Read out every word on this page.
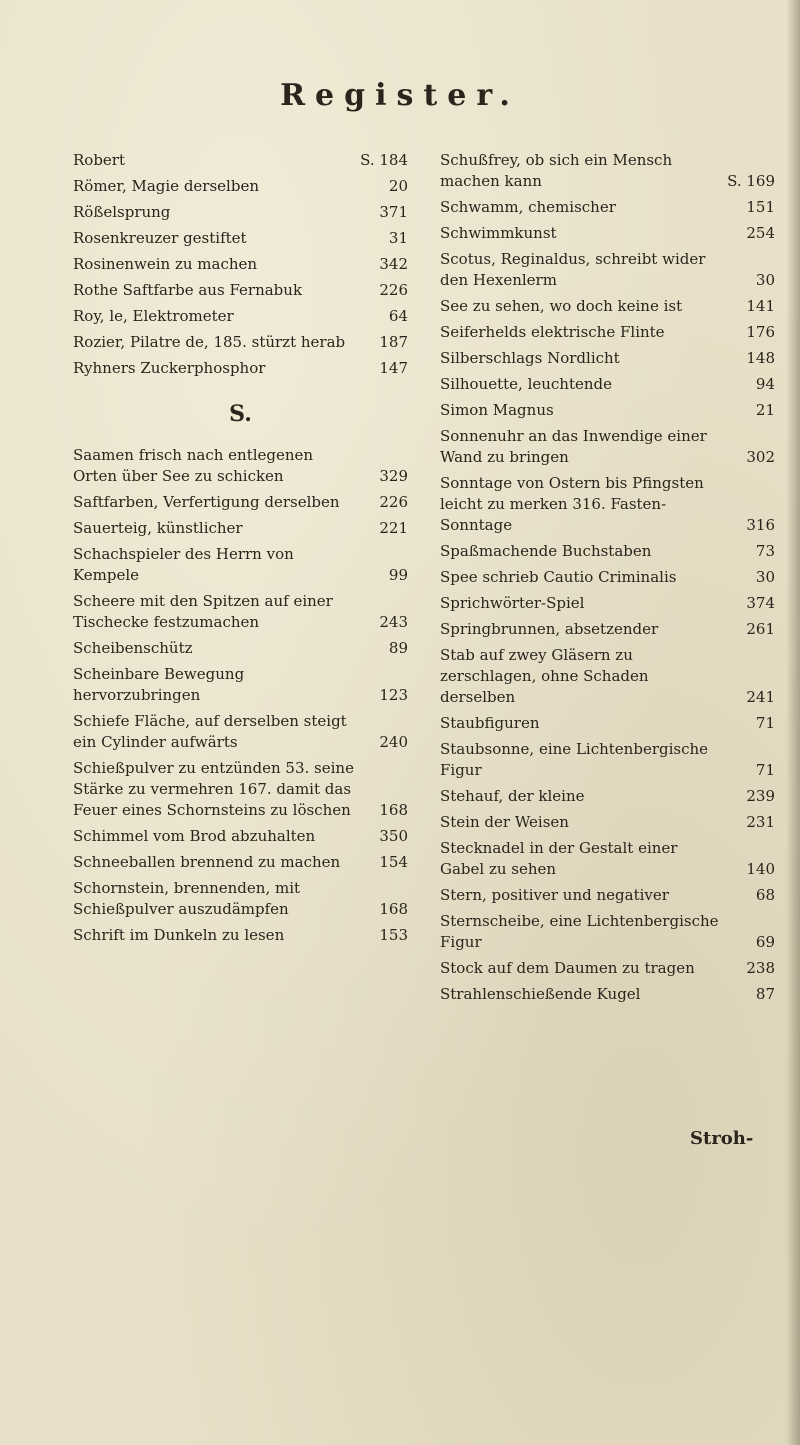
Register.
Robert	S. 184
Römer, Magie derselben	20
Rößelsprung	371
Rosenkreuzer gestiftet	31
Rosinenwein zu machen	342
Rothe Saftfarbe aus Fernabuk	226
Roy, le, Elektrometer	64
Rozier, Pilatre de, 185. stürzt herab	187
Ryhners Zuckerphosphor	147
S.
Saamen frisch nach entlegenen Orten über See zu schicken	329
Saftfarben, Verfertigung derselben	226
Sauerteig, künstlicher	221
Schachspieler des Herrn von Kempele	99
Scheere mit den Spitzen auf einer Tischecke festzumachen	243
Scheibenschütz	89
Scheinbare Bewegung hervorzubringen	123
Schiefe Fläche, auf derselben steigt ein Cylinder aufwärts	240
Schießpulver zu entzünden 53. seine Stärke zu vermehren 167. damit das Feuer eines Schornsteins zu löschen	168
Schimmel vom Brod abzuhalten	350
Schneeballen brennend zu machen	154
Schornstein, brennenden, mit Schießpulver auszudämpfen	168
Schrift im Dunkeln zu lesen	153
Schußfrey, ob sich ein Mensch machen kann	S. 169
Schwamm, chemischer	151
Schwimmkunst	254
Scotus, Reginaldus, schreibt wider den Hexenlerm	30
See zu sehen, wo doch keine ist	141
Seiferhelds elektrische Flinte	176
Silberschlags Nordlicht	148
Silhouette, leuchtende	94
Simon Magnus	21
Sonnenuhr an das Inwendige einer Wand zu bringen	302
Sonntage von Ostern bis Pfingsten leicht zu merken 316. Fasten- Sonntage	316
Spaßmachende Buchstaben	73
Spee schrieb Cautio Criminalis	30
Sprichwörter-Spiel	374
Springbrunnen, absetzender	261
Stab auf zwey Gläsern zu zerschlagen, ohne Schaden derselben	241
Staubfiguren	71
Staubsonne, eine Lichtenbergische Figur	71
Stehauf, der kleine	239
Stein der Weisen	231
Stecknadel in der Gestalt einer Gabel zu sehen	140
Stern, positiver und negativer	68
Sternscheibe, eine Lichtenbergische Figur	69
Stock auf dem Daumen zu tragen	238
Strahlenschießende Kugel	87
Stroh-
